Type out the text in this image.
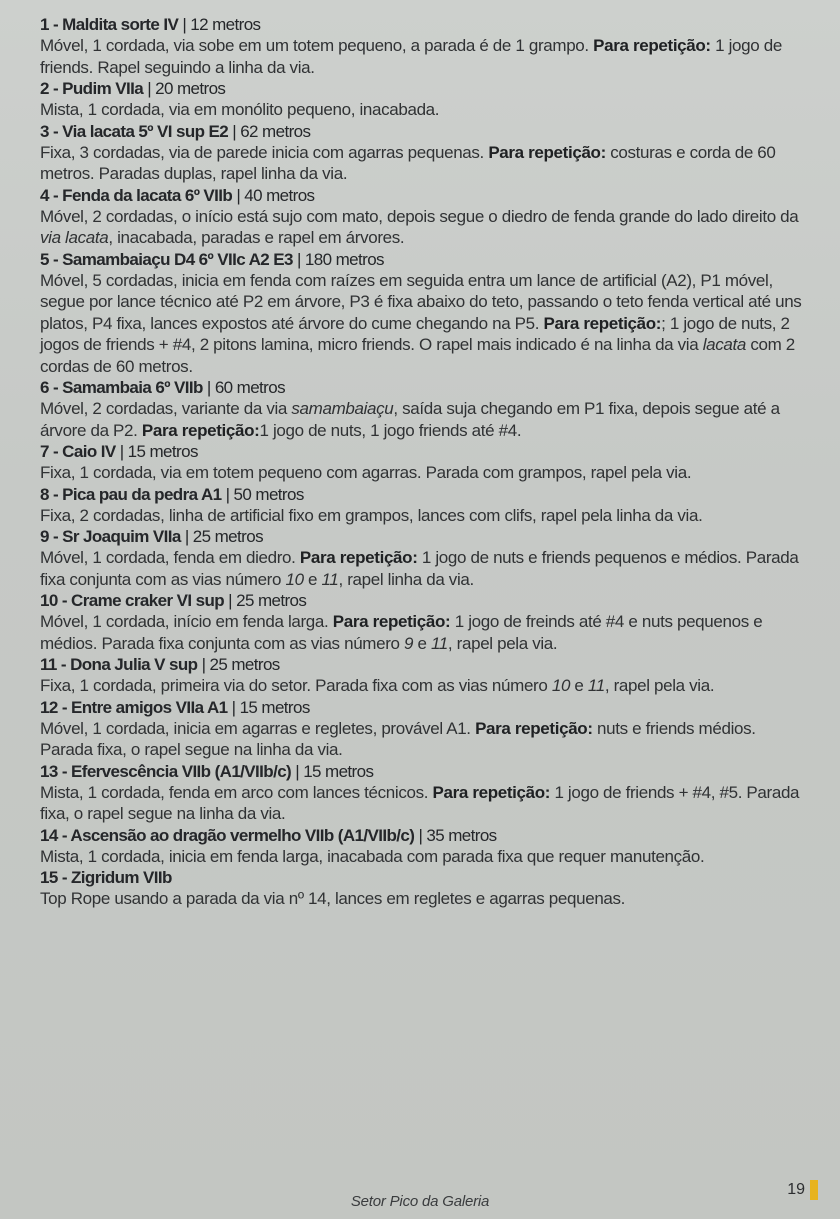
1 - Maldita sorte IV | 12 metros
Móvel, 1 cordada, via sobe em um totem pequeno, a parada é de 1 grampo. Para repetição: 1 jogo de friends. Rapel seguindo a linha da via.
2 - Pudim VIIa | 20 metros
Mista, 1 cordada, via em monólito pequeno, inacabada.
3 - Via lacata 5º VI sup E2 | 62 metros
Fixa, 3 cordadas, via de parede inicia com agarras pequenas. Para repetição: costuras e corda de 60 metros. Paradas duplas, rapel linha da via.
4 - Fenda da lacata 6º VIIb | 40 metros
Móvel, 2 cordadas, o início está sujo com mato, depois segue o diedro de fenda grande do lado direito da via lacata, inacabada, paradas e rapel em árvores.
5 - Samambaiaçu D4 6º VIIc A2 E3 | 180 metros
Móvel, 5 cordadas, inicia em fenda com raízes em seguida entra um lance de artificial (A2), P1 móvel, segue por lance técnico até P2 em árvore, P3 é fixa abaixo do teto, passando o teto fenda vertical até uns platos, P4 fixa, lances expostos até árvore do cume chegando na P5. Para repetição:; 1 jogo de nuts, 2 jogos de friends + #4, 2 pitons lamina, micro friends. O rapel mais indicado é na linha da via lacata com 2 cordas de 60 metros.
6 - Samambaia 6º VIIb | 60 metros
Móvel, 2 cordadas, variante da via samambaiaçu, saída suja chegando em P1 fixa, depois segue até a árvore da P2. Para repetição:1 jogo de nuts, 1 jogo friends até #4.
7 - Caio IV | 15 metros
Fixa, 1 cordada, via em totem pequeno com agarras. Parada com grampos, rapel pela via.
8 - Pica pau da pedra A1 | 50 metros
Fixa, 2 cordadas, linha de artificial fixo em grampos, lances com clifs, rapel pela linha da via.
9 - Sr Joaquim VIIa | 25 metros
Móvel, 1 cordada, fenda em diedro. Para repetição: 1 jogo de nuts e friends pequenos e médios. Parada fixa conjunta com as vias número 10 e 11, rapel linha da via.
10 - Crame craker VI sup | 25 metros
Móvel, 1 cordada, início em fenda larga. Para repetição: 1 jogo de freinds até #4 e nuts pequenos e médios. Parada fixa conjunta com as vias número 9 e 11, rapel pela via.
11 - Dona Julia V sup | 25 metros
Fixa, 1 cordada, primeira via do setor. Parada fixa com as vias número 10 e 11, rapel pela via.
12 - Entre amigos VIIa A1 | 15 metros
Móvel, 1 cordada, inicia em agarras e regletes, provável A1. Para repetição: nuts e friends médios. Parada fixa, o rapel segue na linha da via.
13 - Efervescência VIIb (A1/VIIb/c) | 15 metros
Mista, 1 cordada, fenda em arco com lances técnicos. Para repetição: 1 jogo de friends + #4, #5. Parada fixa, o rapel segue na linha da via.
14 - Ascensão ao dragão vermelho VIIb (A1/VIIb/c) | 35 metros
Mista, 1 cordada, inicia em fenda larga, inacabada com parada fixa que requer manutenção.
15 - Zigridum VIIb
Top Rope usando a parada da via nº 14, lances em regletes e agarras pequenas.
Setor Pico da Galeria
19
